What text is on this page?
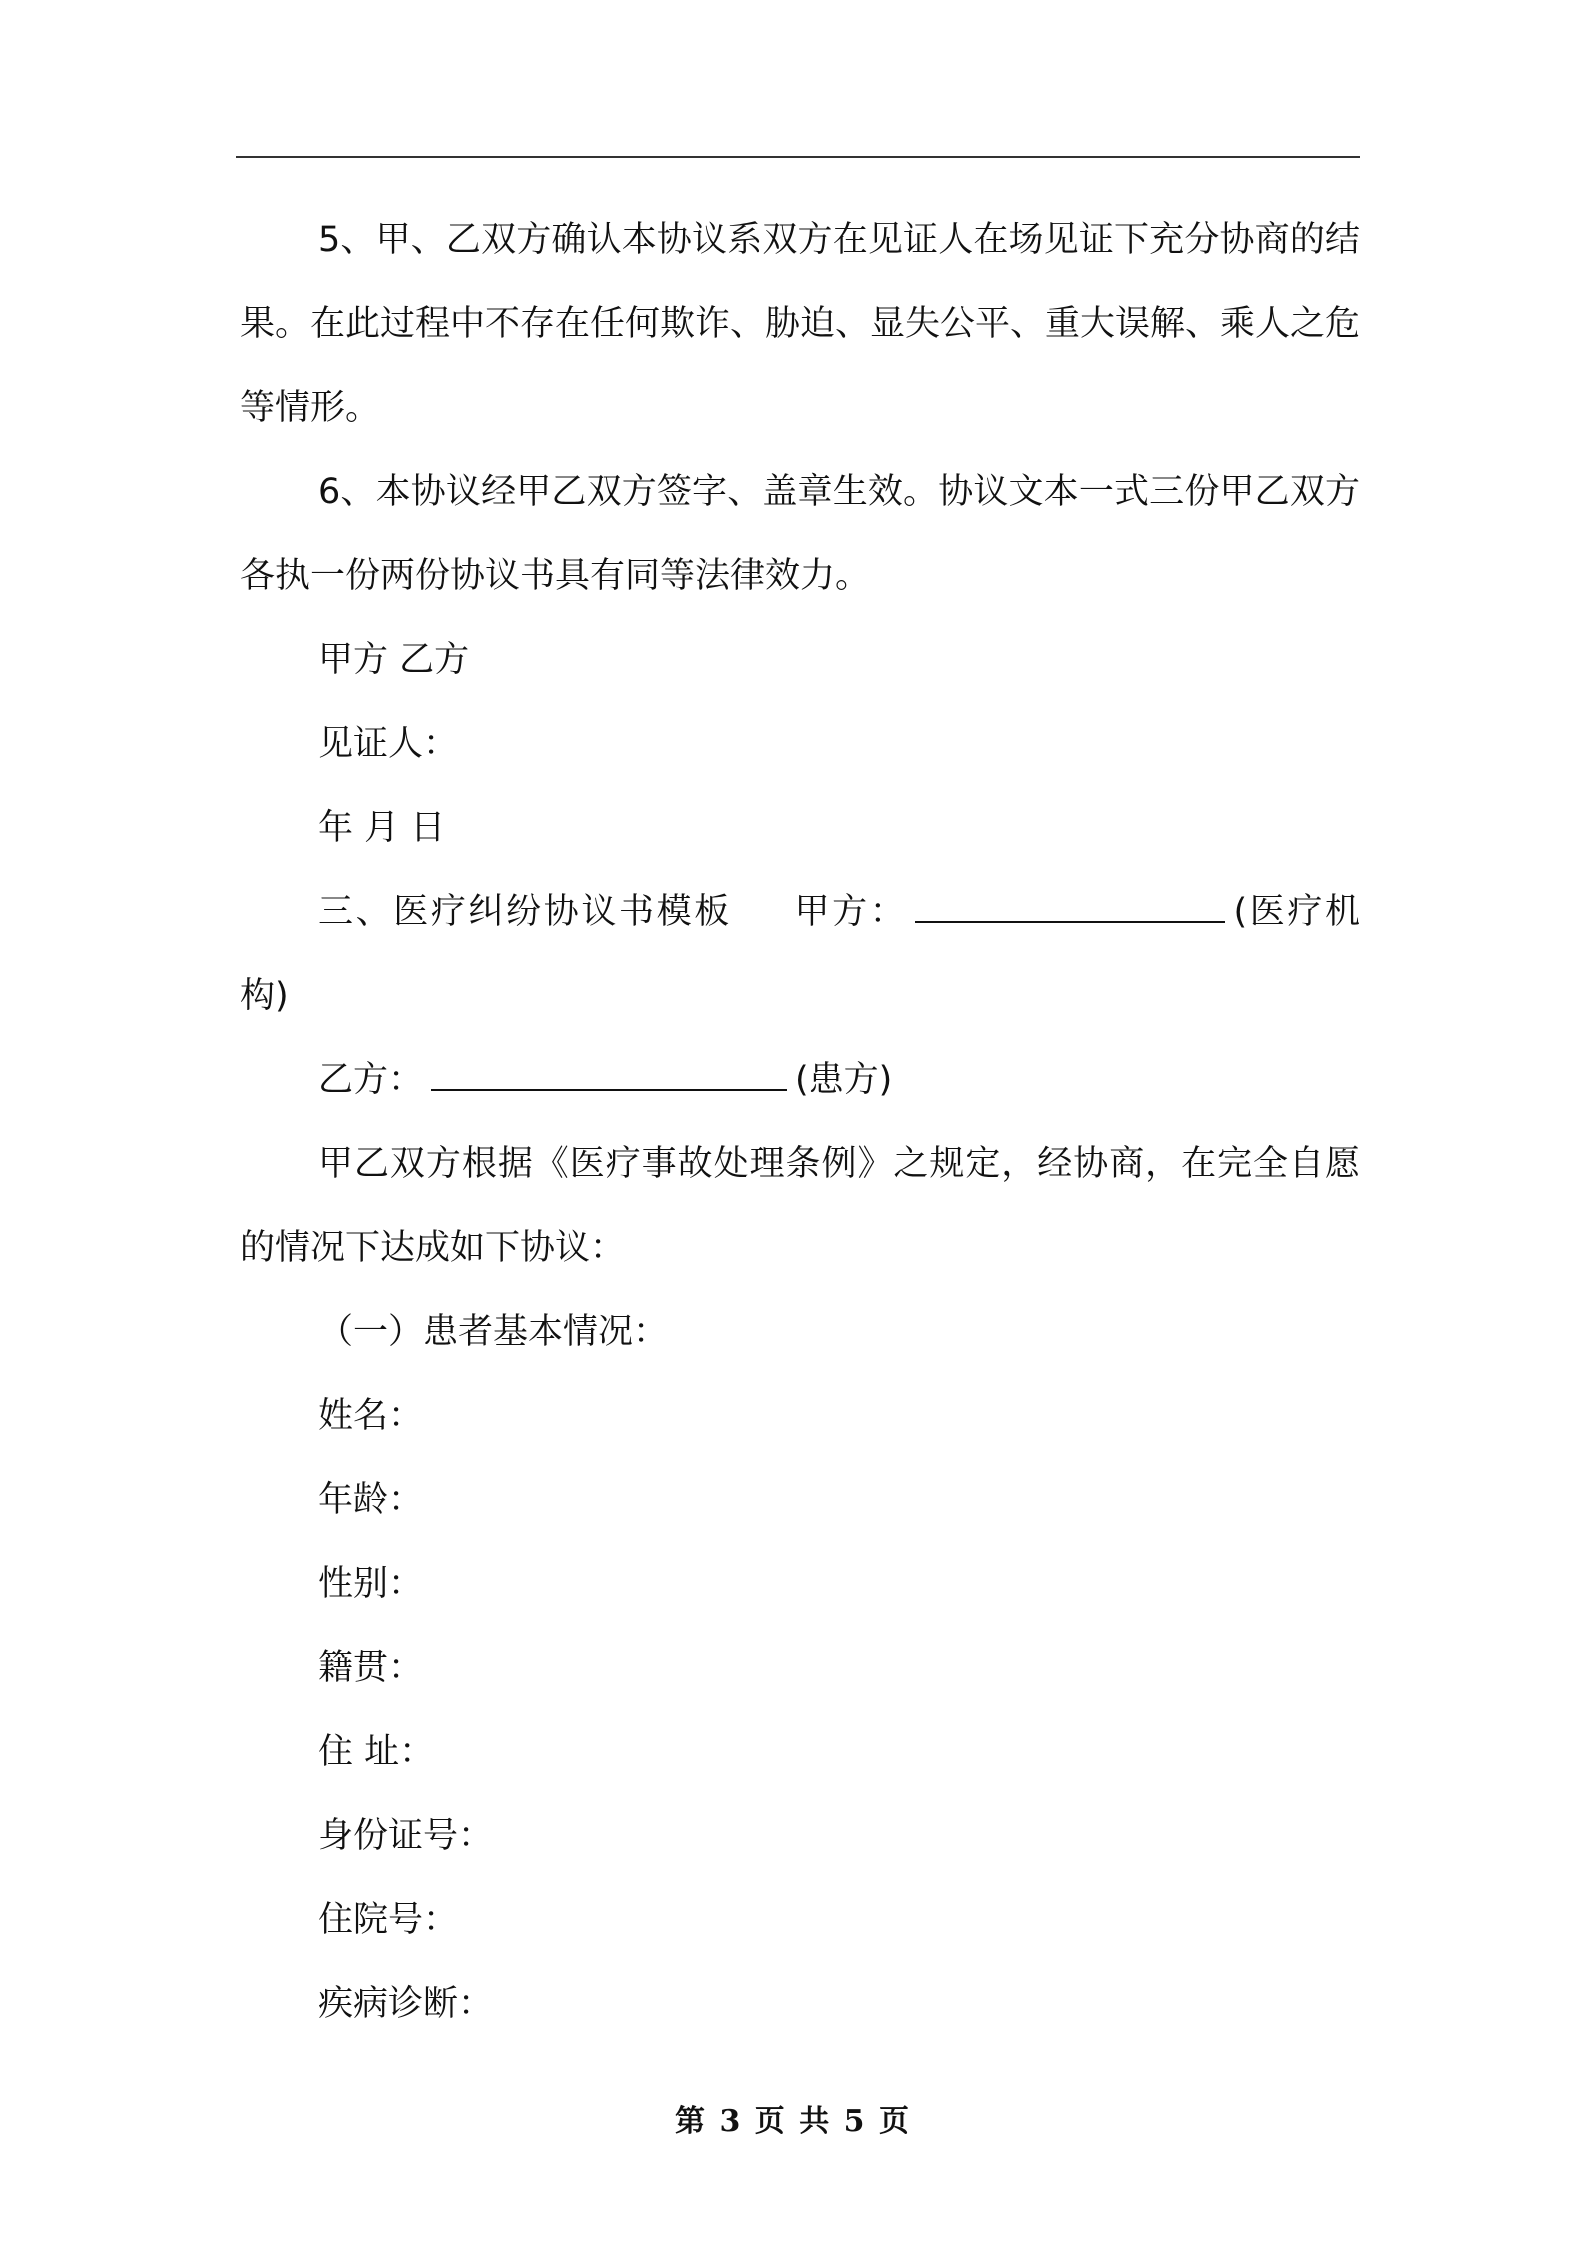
5、甲、乙双方确认本协议系双方在见证人在场见证下充分协商的结果。在此过程中不存在任何欺诈、胁迫、显失公平、重大误解、乘人之危等情形。

6、本协议经甲乙双方签字、盖章生效。协议文本一式三份甲乙双方各执一份两份协议书具有同等法律效力。

甲方 乙方

见证人：

年 月 日

三、医疗纠纷协议书模板 甲方：	(医疗机构)

乙方：	(患方)

甲乙双方根据《医疗事故处理条例》之规定，经协商，在完全自愿的情况下达成如下协议：

（一）患者基本情况：

姓名：

年龄：

性别：

籍贯：

住 址：

身份证号：

住院号：

疾病诊断：

第 3 页 共 5 页
